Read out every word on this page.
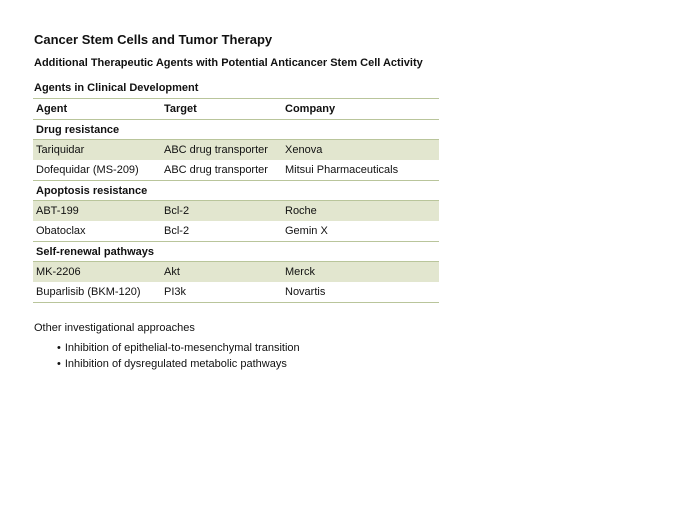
Cancer Stem Cells and Tumor Therapy
Additional Therapeutic Agents with Potential Anticancer Stem Cell Activity
Agents in Clinical Development
Agent	Target	Company
Drug resistance		
Tariquidar	ABC drug transporter	Xenova
Dofequidar (MS-209)	ABC drug transporter	Mitsui Pharmaceuticals
Apoptosis resistance		
ABT-199	Bcl-2	Roche
Obatoclax	Bcl-2	Gemin X
Self-renewal pathways		
MK-2206	Akt	Merck
Buparlisib (BKM-120)	PI3k	Novartis

Other investigational approaches

• Inhibition of epithelial-to-mesenchymal transition
• Inhibition of dysregulated metabolic pathways
